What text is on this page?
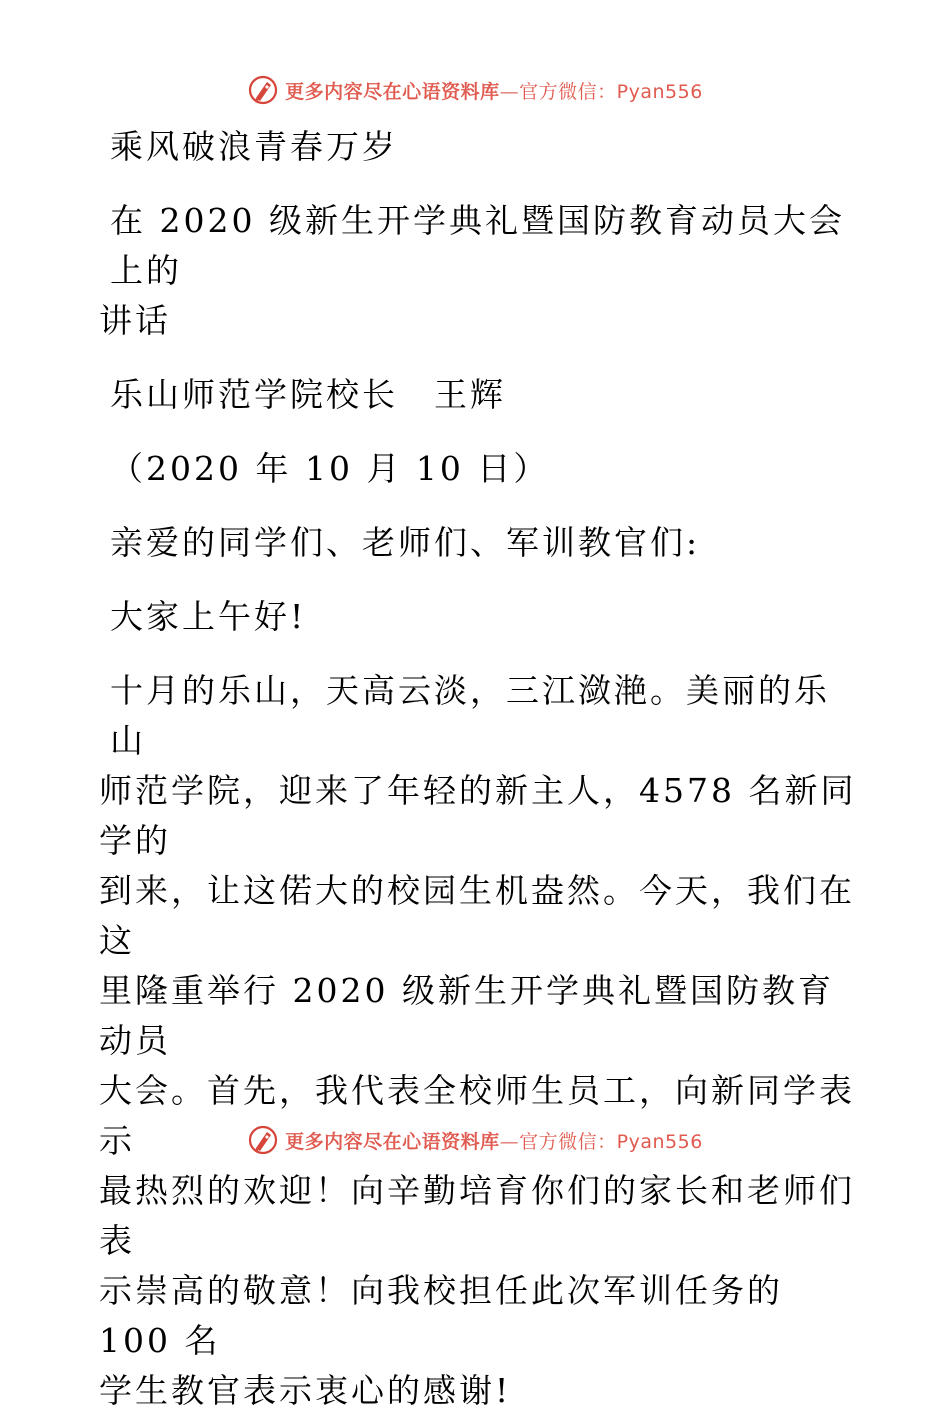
更多内容尽在心语资料库—官方微信：Pyan556

乘风破浪青春万岁

在 2020 级新生开学典礼暨国防教育动员大会上的

讲话

乐山师范学院校长　王辉

（2020 年 10 月 10 日）

亲爱的同学们、老师们、军训教官们:

大家上午好!

十月的乐山，天高云淡，三江潋滟。美丽的乐山

师范学院，迎来了年轻的新主人，4578 名新同学的

到来，让这偌大的校园生机盎然。今天，我们在这

里隆重举行 2020 级新生开学典礼暨国防教育动员

大会。首先，我代表全校师生员工，向新同学表示

最热烈的欢迎！向辛勤培育你们的家长和老师们表

示崇高的敬意！向我校担任此次军训任务的 100 名

学生教官表示衷心的感谢!

更多内容尽在心语资料库—官方微信：Pyan556
